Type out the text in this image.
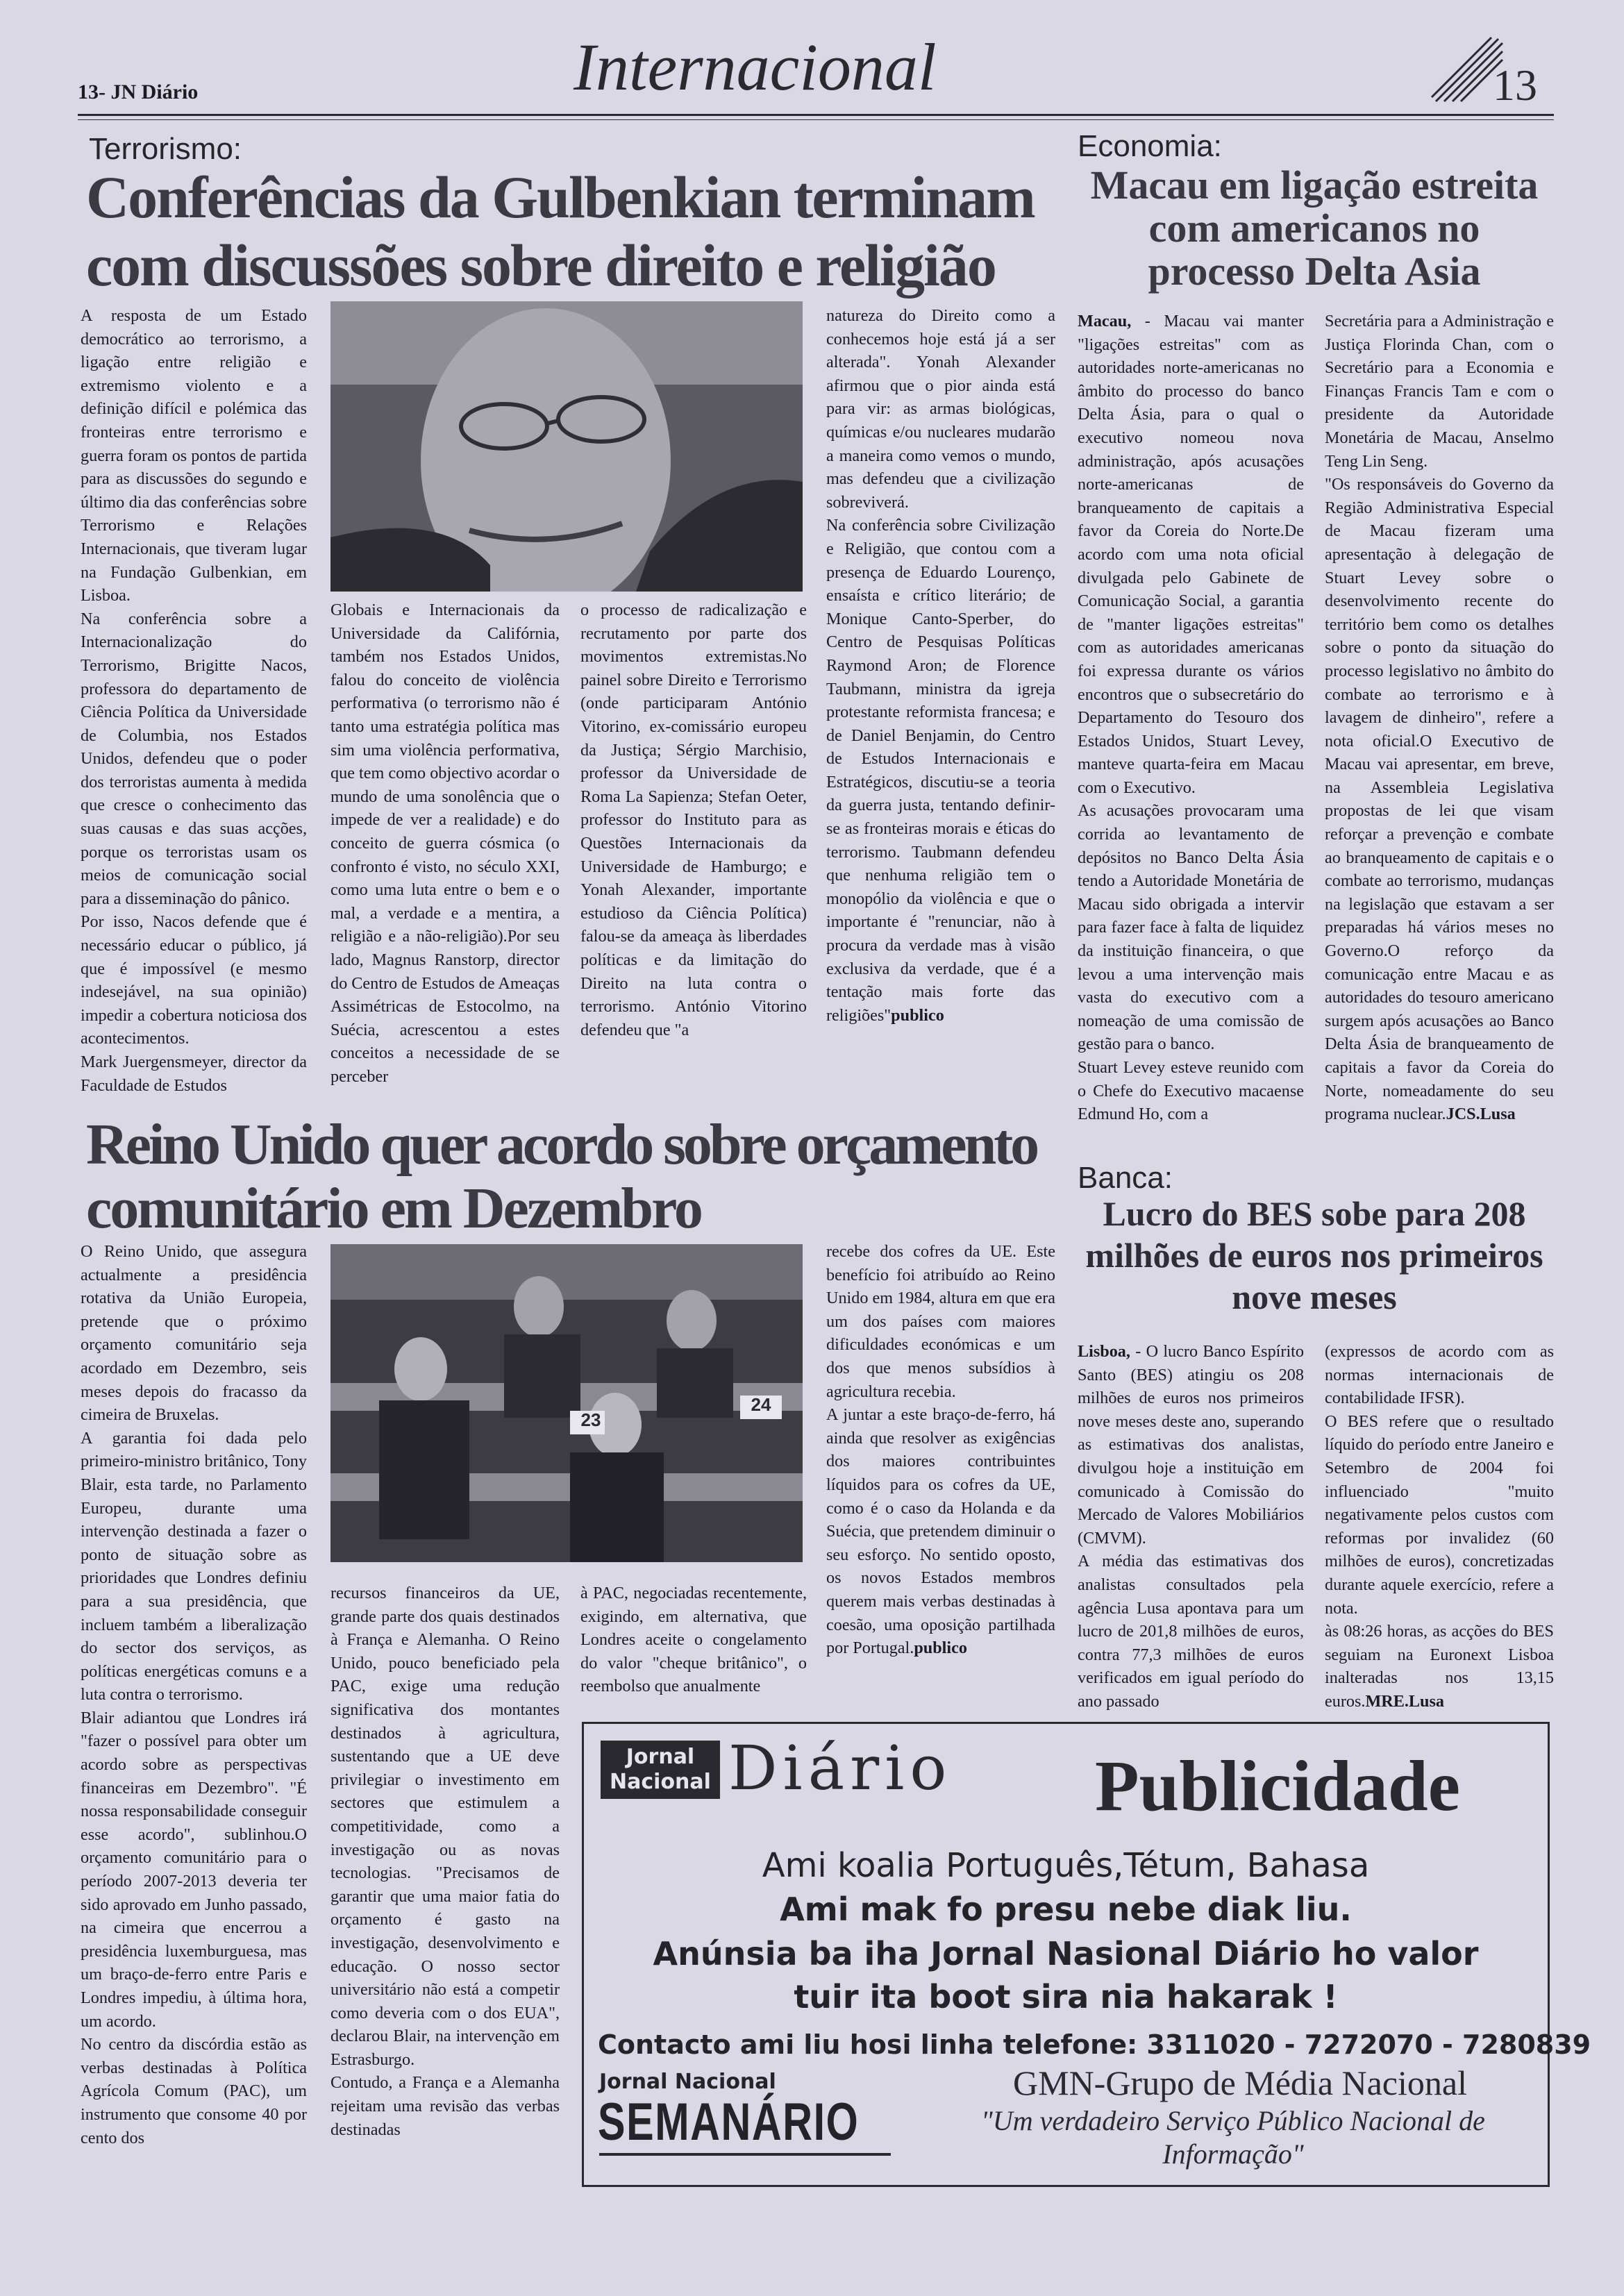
13- JN Diário	Internacional	13
Terrorismo:
Conferências da Gulbenkian terminam
com discussões sobre direito e religião

A resposta de um Estado democrático ao terrorismo, a ligação entre religião e extremismo violento e a definição difícil e polémica das fronteiras entre terrorismo e guerra foram os pontos de partida para as discussões do segundo e último dia das conferências sobre Terrorismo e Relações Internacionais, que tiveram lugar na Fundação Gulbenkian, em Lisboa.

Na conferência sobre a Internacionalização do Terrorismo, Brigitte Nacos, professora do departamento de Ciência Política da Universidade de Columbia, nos Estados Unidos, defendeu que o poder dos terroristas aumenta à medida que cresce o conhecimento das suas causas e das suas acções, porque os terroristas usam os meios de comunicação social para a disseminação do pânico.

Por isso, Nacos defende que é necessário educar o público, já que é impossível (e mesmo indesejável, na sua opinião) impedir a cobertura noticiosa dos acontecimentos.

Mark Juergensmeyer, director da Faculdade de Estudos

Globais e Internacionais da Universidade da Califórnia, também nos Estados Unidos, falou do conceito de violência performativa (o terrorismo não é tanto uma estratégia política mas sim uma violência performativa, que tem como objectivo acordar o mundo de uma sonolência que o impede de ver a realidade) e do conceito de guerra cósmica (o confronto é visto, no século XXI, como uma luta entre o bem e o mal, a verdade e a mentira, a religião e a não-religião).Por seu lado, Magnus Ranstorp, director do Centro de Estudos de Ameaças Assimétricas de Estocolmo, na Suécia, acrescentou a estes conceitos a necessidade de se perceber

o processo de radicalização e recrutamento por parte dos movimentos extremistas.No painel sobre Direito e Terrorismo (onde participaram António Vitorino, ex-comissário europeu da Justiça; Sérgio Marchisio, professor da Universidade de Roma La Sapienza; Stefan Oeter, professor do Instituto para as Questões Internacionais da Universidade de Hamburgo; e Yonah Alexander, importante estudioso da Ciência Política) falou-se da ameaça às liberdades políticas e da limitação do Direito na luta contra o terrorismo. António Vitorino defendeu que "a

natureza do Direito como a conhecemos hoje está já a ser alterada". Yonah Alexander afirmou que o pior ainda está para vir: as armas biológicas, químicas e/ou nucleares mudarão a maneira como vemos o mundo, mas defendeu que a civilização sobreviverá.

Na conferência sobre Civilização e Religião, que contou com a presença de Eduardo Lourenço, ensaísta e crítico literário; de Monique Canto-Sperber, do Centro de Pesquisas Políticas Raymond Aron; de Florence Taubmann, ministra da igreja protestante reformista francesa; e de Daniel Benjamin, do Centro de Estudos Internacionais e Estratégicos, discutiu-se a teoria da guerra justa, tentando definir-se as fronteiras morais e éticas do terrorismo. Taubmann defendeu que nenhuma religião tem o monopólio da violência e que o importante é "renunciar, não à procura da verdade mas à visão exclusiva da verdade, que é a tentação mais forte das religiões"publico

Reino Unido quer acordo sobre orçamento
comunitário em Dezembro

O Reino Unido, que assegura actualmente a presidência rotativa da União Europeia, pretende que o próximo orçamento comunitário seja acordado em Dezembro, seis meses depois do fracasso da cimeira de Bruxelas.

A garantia foi dada pelo primeiro-ministro britânico, Tony Blair, esta tarde, no Parlamento Europeu, durante uma intervenção destinada a fazer o ponto de situação sobre as prioridades que Londres definiu para a sua presidência, que incluem também a liberalização do sector dos serviços, as políticas energéticas comuns e a luta contra o terrorismo.

Blair adiantou que Londres irá "fazer o possível para obter um acordo sobre as perspectivas financeiras em Dezembro". "É nossa responsabilidade conseguir esse acordo", sublinhou.O orçamento comunitário para o período 2007-2013 deveria ter sido aprovado em Junho passado, na cimeira que encerrou a presidência luxemburguesa, mas um braço-de-ferro entre Paris e Londres impediu, à última hora, um acordo.

No centro da discórdia estão as verbas destinadas à Política Agrícola Comum (PAC), um instrumento que consome 40 por cento dos

23
24

recursos financeiros da UE, grande parte dos quais destinados à França e Alemanha. O Reino Unido, pouco beneficiado pela PAC, exige uma redução significativa dos montantes destinados à agricultura, sustentando que a UE deve privilegiar o investimento em sectores que estimulem a competitividade, como a investigação ou as novas tecnologias. "Precisamos de garantir que uma maior fatia do orçamento é gasto na investigação, desenvolvimento e educação. O nosso sector universitário não está a competir como deveria com o dos EUA", declarou Blair, na intervenção em Estrasburgo.

Contudo, a França e a Alemanha rejeitam uma revisão das verbas destinadas

à PAC, negociadas recentemente, exigindo, em alternativa, que Londres aceite o congelamento do valor "cheque britânico", o reembolso que anualmente

recebe dos cofres da UE. Este benefício foi atribuído ao Reino Unido em 1984, altura em que era um dos países com maiores dificuldades económicas e um dos que menos subsídios à agricultura recebia.

A juntar a este braço-de-ferro, há ainda que resolver as exigências dos maiores contribuintes líquidos para os cofres da UE, como é o caso da Holanda e da Suécia, que pretendem diminuir o seu esforço. No sentido oposto, os novos Estados membros querem mais verbas destinadas à coesão, uma oposição partilhada por Portugal.publico

Economia:
Macau em ligação estreita com americanos no processo Delta Asia

Macau, - Macau vai manter "ligações estreitas" com as autoridades norte-americanas no âmbito do processo do banco Delta Ásia, para o qual o executivo nomeou nova administração, após acusações norte-americanas de branqueamento de capitais a favor da Coreia do Norte.De acordo com uma nota oficial divulgada pelo Gabinete de Comunicação Social, a garantia de "manter ligações estreitas" com as autoridades americanas foi expressa durante os vários encontros que o subsecretário do Departamento do Tesouro dos Estados Unidos, Stuart Levey, manteve quarta-feira em Macau com o Executivo.

As acusações provocaram uma corrida ao levantamento de depósitos no Banco Delta Ásia tendo a Autoridade Monetária de Macau sido obrigada a intervir para fazer face à falta de liquidez da instituição financeira, o que levou a uma intervenção mais vasta do executivo com a nomeação de uma comissão de gestão para o banco.

Stuart Levey esteve reunido com o Chefe do Executivo macaense Edmund Ho, com a

Secretária para a Administração e Justiça Florinda Chan, com o Secretário para a Economia e Finanças Francis Tam e com o presidente da Autoridade Monetária de Macau, Anselmo Teng Lin Seng.

"Os responsáveis do Governo da Região Administrativa Especial de Macau fizeram uma apresentação à delegação de Stuart Levey sobre o desenvolvimento recente do território bem como os detalhes sobre o ponto da situação do processo legislativo no âmbito do combate ao terrorismo e à lavagem de dinheiro", refere a nota oficial.O Executivo de Macau vai apresentar, em breve, na Assembleia Legislativa propostas de lei que visam reforçar a prevenção e combate ao branqueamento de capitais e o combate ao terrorismo, mudanças na legislação que estavam a ser preparadas há vários meses no Governo.O reforço da comunicação entre Macau e as autoridades do tesouro americano surgem após acusações ao Banco Delta Ásia de branqueamento de capitais a favor da Coreia do Norte, nomeadamente do seu programa nuclear.JCS.Lusa

Banca:
Lucro do BES sobe para 208 milhões de euros nos primeiros nove meses

Lisboa, - O lucro Banco Espírito Santo (BES) atingiu os 208 milhões de euros nos primeiros nove meses deste ano, superando as estimativas dos analistas, divulgou hoje a instituição em comunicado à Comissão do Mercado de Valores Mobiliários (CMVM).

A média das estimativas dos analistas consultados pela agência Lusa apontava para um lucro de 201,8 milhões de euros, contra 77,3 milhões de euros verificados em igual período do ano passado

(expressos de acordo com as normas internacionais de contabilidade IFSR).

O BES refere que o resultado líquido do período entre Janeiro e Setembro de 2004 foi influenciado "muito negativamente pelos custos com reformas por invalidez (60 milhões de euros), concretizadas durante aquele exercício, refere a nota.

às 08:26 horas, as acções do BES seguiam na Euronext Lisboa inalteradas nos 13,15 euros.MRE.Lusa

Jornal
Nacional Diário Publicidade
Ami koalia Português,Tétum, Bahasa
Ami mak fo presu nebe diak liu.
Anúnsia ba iha Jornal Nasional Diário ho valor
tuir ita boot sira nia hakarak !
Contacto ami liu hosi linha telefone: 3311020 - 7272070 - 7280839
Jornal Nacional
SEMANÁRIO
GMN-Grupo de Média Nacional
"Um verdadeiro Serviço Público Nacional de Informação"
